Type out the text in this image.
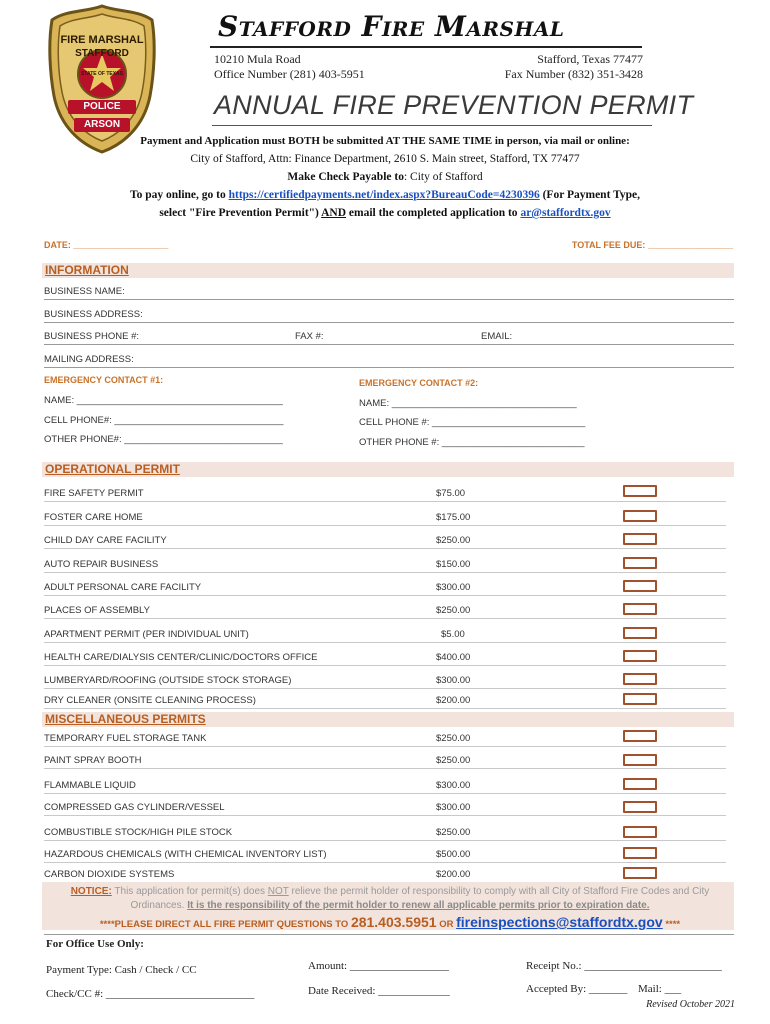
FIRE MARSHAL
STAFFORD
STATE OF TEXAS
POLICE
ARSON
Stafford Fire Marshal
10210 Mula Road
Office Number (281) 403-5951
Stafford, Texas 77477
Fax Number (832) 351-3428
ANNUAL FIRE PREVENTION PERMIT
Payment and Application must BOTH be submitted AT THE SAME TIME in person, via mail or online:
City of Stafford, Attn: Finance Department, 2610 S. Main street, Stafford, TX 77477
Make Check Payable to: City of Stafford
To pay online, go to https://certifiedpayments.net/index.aspx?BureauCode=4230396 (For Payment Type,
select "Fire Prevention Permit") AND email the completed application to ar@staffordtx.gov
DATE: ___________________	TOTAL FEE DUE: _________________
INFORMATION
BUSINESS NAME:
BUSINESS ADDRESS:
BUSINESS PHONE #:	FAX #:	EMAIL:
MAILING ADDRESS:
EMERGENCY CONTACT #1:
NAME: _______________________________________
CELL PHONE#: ________________________________
OTHER PHONE#: ______________________________
EMERGENCY CONTACT #2:
NAME: ___________________________________
CELL PHONE #: _____________________________
OTHER PHONE #: ___________________________
OPERATIONAL PERMIT
FIRE SAFETY PERMIT	$75.00
FOSTER CARE HOME	$175.00
CHILD DAY CARE FACILITY	$250.00
AUTO REPAIR BUSINESS	$150.00
ADULT PERSONAL CARE FACILITY	$300.00
PLACES OF ASSEMBLY	$250.00
APARTMENT PERMIT (PER INDIVIDUAL UNIT)	$5.00
HEALTH CARE/DIALYSIS CENTER/CLINIC/DOCTORS OFFICE	$400.00
LUMBERYARD/ROOFING (OUTSIDE STOCK STORAGE)	$300.00
DRY CLEANER (ONSITE CLEANING PROCESS)	$200.00
MISCELLANEOUS PERMITS
TEMPORARY FUEL STORAGE TANK	$250.00
PAINT SPRAY BOOTH	$250.00
FLAMMABLE LIQUID	$300.00
COMPRESSED GAS CYLINDER/VESSEL	$300.00
COMBUSTIBLE STOCK/HIGH PILE STOCK	$250.00
HAZARDOUS CHEMICALS (WITH CHEMICAL INVENTORY LIST)	$500.00
CARBON DIOXIDE SYSTEMS	$200.00
NOTICE: This application for permit(s) does NOT relieve the permit holder of responsibility to comply with all City of Stafford Fire Codes and City Ordinances. It is the responsibility of the permit holder to renew all applicable permits prior to expiration date.
****PLEASE DIRECT ALL FIRE PERMIT QUESTIONS TO 281.403.5951 OR fireinspections@staffordtx.gov ****
For Office Use Only:
Payment Type: Cash / Check / CC
Check/CC #: ___________________________
Amount: __________________
Date Received: _____________
Receipt No.: _________________________
Accepted By: _______ Mail: ___
Revised October 2021
